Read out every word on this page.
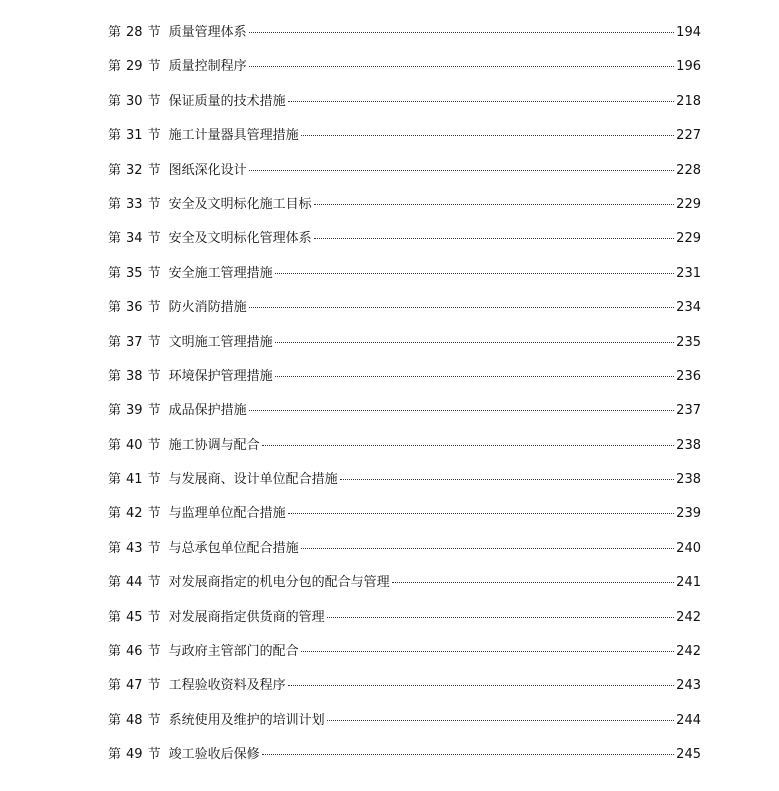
第 28 节 质量管理体系	194
第 29 节 质量控制程序	196
第 30 节 保证质量的技术措施	218
第 31 节 施工计量器具管理措施	227
第 32 节 图纸深化设计	228
第 33 节 安全及文明标化施工目标	229
第 34 节 安全及文明标化管理体系	229
第 35 节 安全施工管理措施	231
第 36 节 防火消防措施	234
第 37 节 文明施工管理措施	235
第 38 节 环境保护管理措施	236
第 39 节 成品保护措施	237
第 40 节 施工协调与配合	238
第 41 节 与发展商、设计单位配合措施	238
第 42 节 与监理单位配合措施	239
第 43 节 与总承包单位配合措施	240
第 44 节 对发展商指定的机电分包的配合与管理	241
第 45 节 对发展商指定供货商的管理	242
第 46 节 与政府主管部门的配合	242
第 47 节 工程验收资料及程序	243
第 48 节 系统使用及维护的培训计划	244
第 49 节 竣工验收后保修	245
